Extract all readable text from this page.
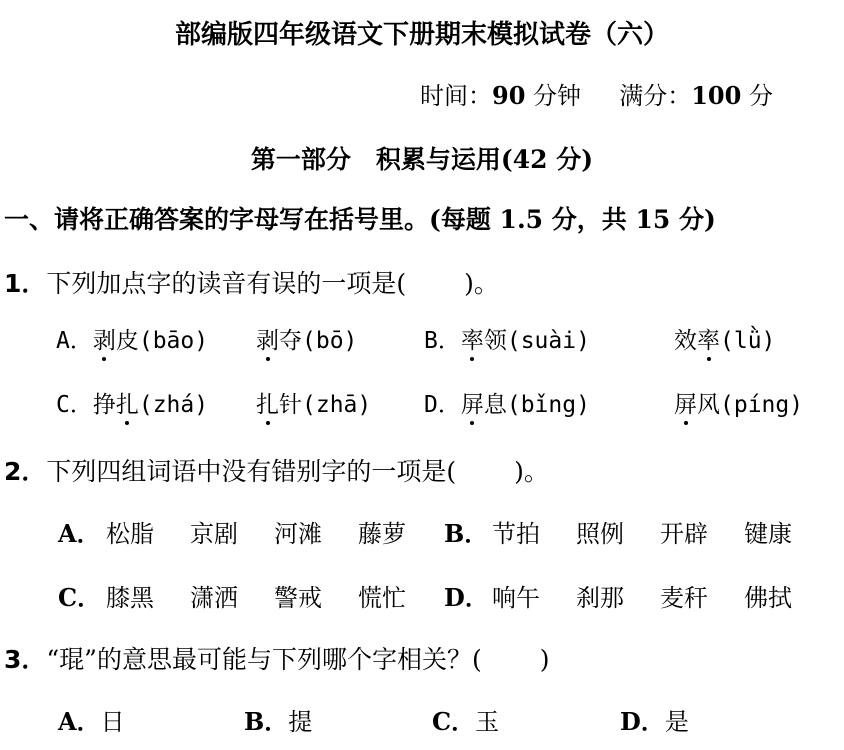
部编版四年级语文下册期末模拟试卷（六）
时间：90 分钟 满分：100 分
第一部分　积累与运用(42 分)
一、请将正确答案的字母写在括号里。(每题 1.5 分，共 15 分)
1．下列加点字的读音有误的一项是( )。
A．剥皮(bāo) 剥夺(bō)	B．率领(suài)	效率(lǜ)
C．挣扎(zhá) 扎针(zhā) D．屏息(bǐng)	屏风(píng)
2．下列四组词语中没有错别字的一项是( )。
A． 松脂 京剧 河滩 藤萝 B． 节拍 照例 开辟 键康
C． 膝黑 潇洒 警戒 慌忙 D． 响午 刹那 麦秆 佛拭
3．“琨”的意思最可能与下列哪个字相关？( )
A．日	B．提	C．玉	D．是
